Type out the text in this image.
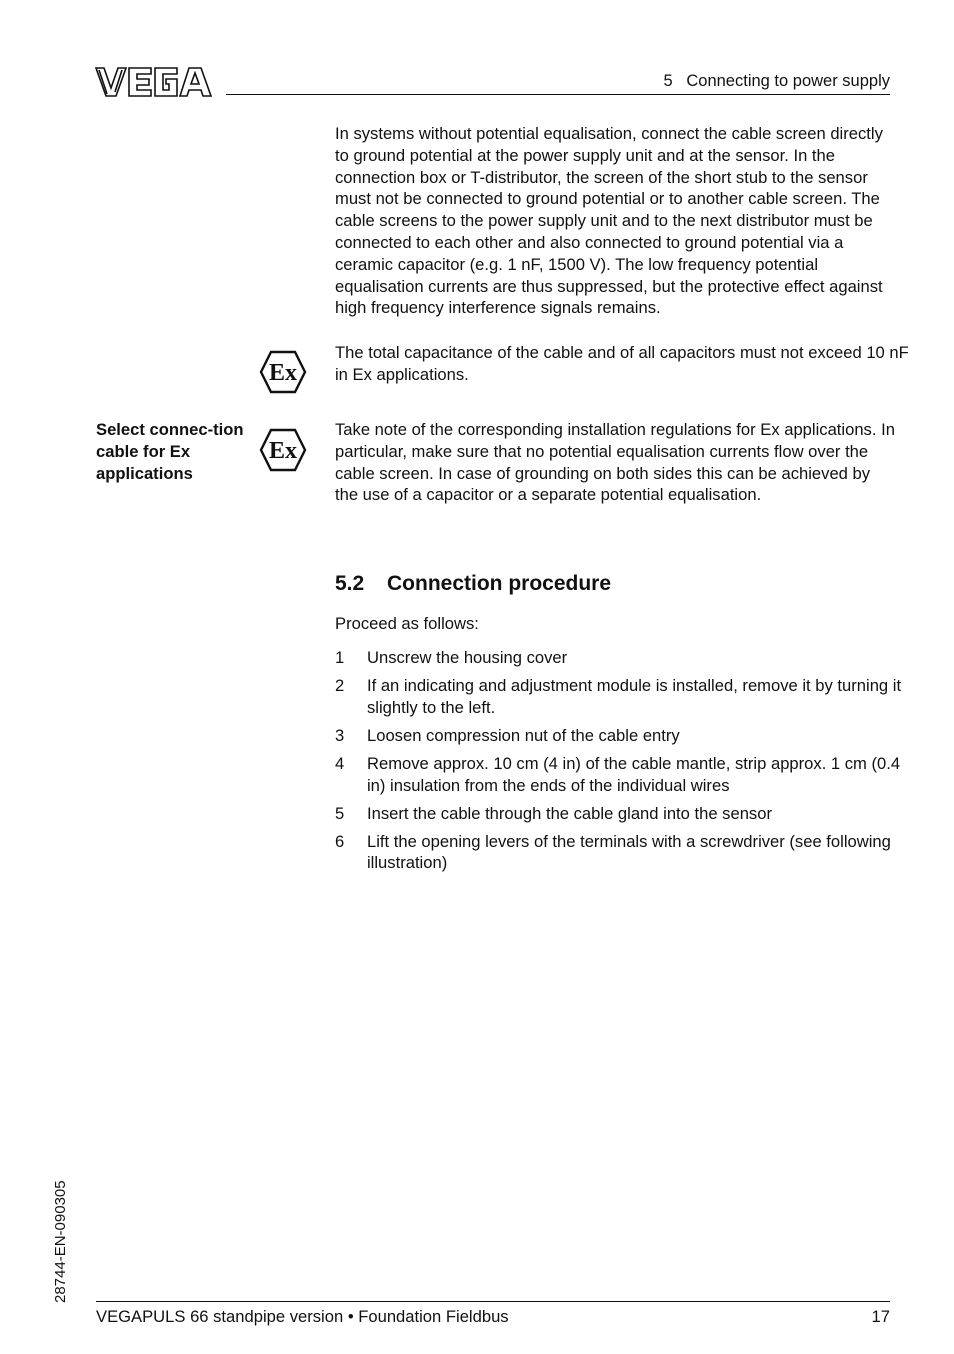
5   Connecting to power supply
In systems without potential equalisation, connect the cable screen directly to ground potential at the power supply unit and at the sensor. In the connection box or T-distributor, the screen of the short stub to the sensor must not be connected to ground potential or to another cable screen. The cable screens to the power supply unit and to the next distributor must be connected to each other and also connected to ground potential via a ceramic capacitor (e.g. 1 nF, 1500 V). The low frequency potential equalisation currents are thus suppressed, but the protective effect against high frequency interference signals remains.
Ex
The total capacitance of the cable and of all capacitors must not exceed 10 nF in Ex applications.
Select connec-tion cable for Ex applications
Ex
Take note of the corresponding installation regulations for Ex applications. In particular, make sure that no potential equalisation currents flow over the cable screen. In case of grounding on both sides this can be achieved by the use of a capacitor or a separate potential equalisation.
5.2 Connection procedure
Proceed as follows:
1	Unscrew the housing cover
2	If an indicating and adjustment module is installed, remove it by turning it slightly to the left.
3	Loosen compression nut of the cable entry
4	Remove approx. 10 cm (4 in) of the cable mantle, strip approx. 1 cm (0.4 in) insulation from the ends of the individual wires
5	Insert the cable through the cable gland into the sensor
6	Lift the opening levers of the terminals with a screwdriver (see following illustration)
28744-EN-090305
VEGAPULS 66 standpipe version • Foundation Fieldbus	17
